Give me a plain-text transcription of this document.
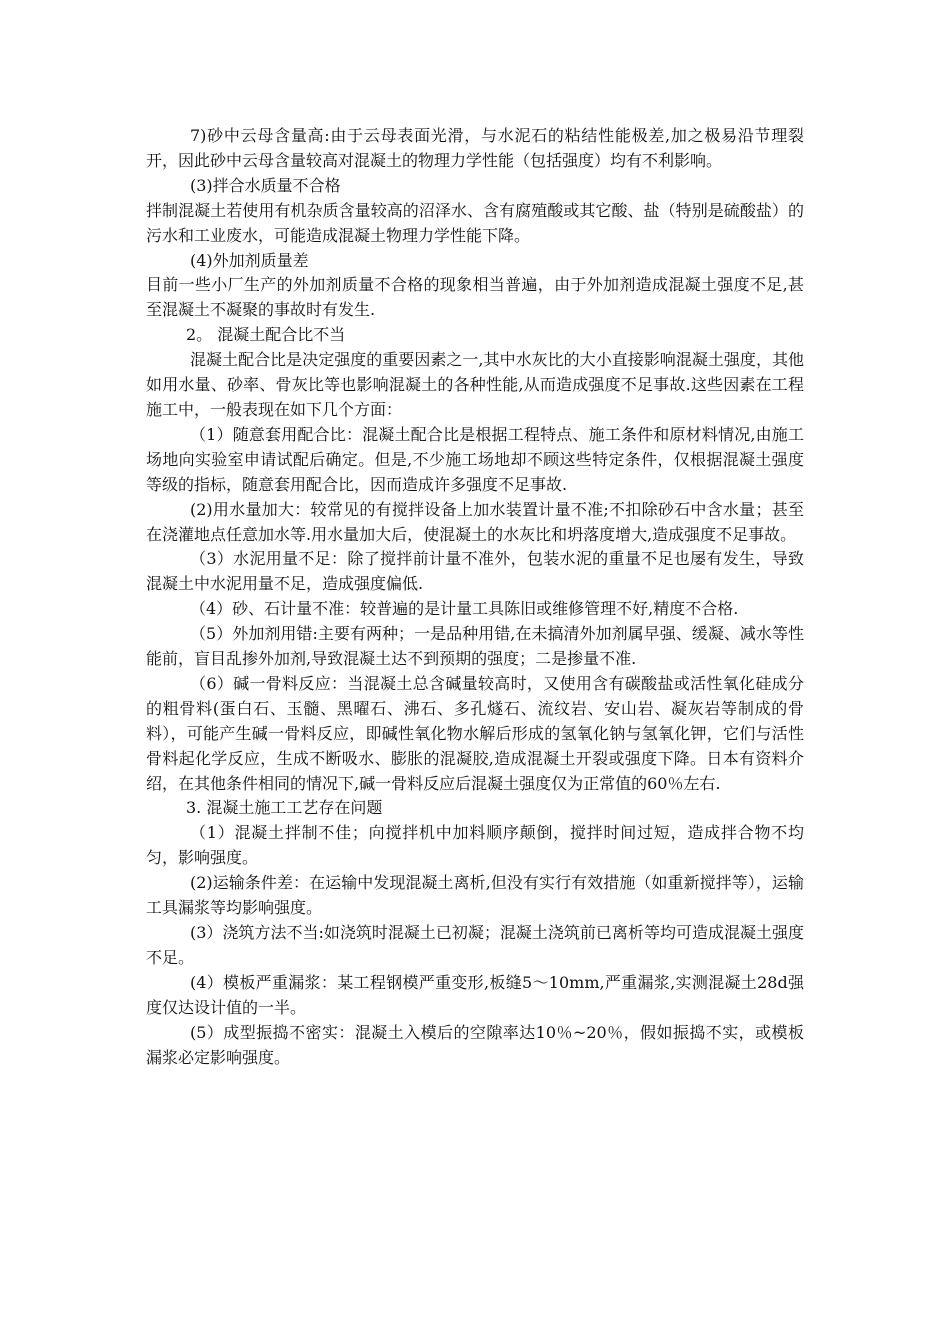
7)砂中云母含量高:由于云母表面光滑，与水泥石的粘结性能极差,加之极易沿节理裂开，因此砂中云母含量较高对混凝土的物理力学性能（包括强度）均有不利影响。

(3)拌合水质量不合格

拌制混凝土若使用有机杂质含量较高的沼泽水、含有腐殖酸或其它酸、盐（特别是硫酸盐）的污水和工业废水，可能造成混凝土物理力学性能下降。

(4)外加剂质量差

目前一些小厂生产的外加剂质量不合格的现象相当普遍，由于外加剂造成混凝土强度不足,甚至混凝土不凝聚的事故时有发生.

2。 混凝土配合比不当

混凝土配合比是决定强度的重要因素之一,其中水灰比的大小直接影响混凝土强度，其他如用水量、砂率、骨灰比等也影响混凝土的各种性能,从而造成强度不足事故.这些因素在工程施工中，一般表现在如下几个方面：

（1）随意套用配合比：混凝土配合比是根据工程特点、施工条件和原材料情况,由施工场地向实验室申请试配后确定。但是,不少施工场地却不顾这些特定条件，仅根据混凝土强度等级的指标，随意套用配合比，因而造成许多强度不足事故.

(2)用水量加大：较常见的有搅拌设备上加水装置计量不准;不扣除砂石中含水量；甚至在浇灌地点任意加水等.用水量加大后，使混凝土的水灰比和坍落度增大,造成强度不足事故。

（3）水泥用量不足：除了搅拌前计量不准外，包装水泥的重量不足也屡有发生，导致混凝土中水泥用量不足，造成强度偏低.

（4）砂、石计量不准：较普遍的是计量工具陈旧或维修管理不好,精度不合格.

（5）外加剂用错:主要有两种；一是品种用错,在未搞清外加剂属早强、缓凝、减水等性能前，盲目乱掺外加剂,导致混凝土达不到预期的强度；二是掺量不准.

（6）碱一骨料反应：当混凝土总含碱量较高时，又使用含有碳酸盐或活性氧化硅成分的粗骨料(蛋白石、玉髓、黑曜石、沸石、多孔燧石、流纹岩、安山岩、凝灰岩等制成的骨料），可能产生碱一骨料反应，即碱性氧化物水解后形成的氢氧化钠与氢氧化钾，它们与活性骨料起化学反应，生成不断吸水、膨胀的混凝胶,造成混凝土开裂或强度下降。日本有资料介绍，在其他条件相同的情况下,碱一骨料反应后混凝土强度仅为正常值的60％左右.

3. 混凝土施工工艺存在问题

（1）混凝土拌制不佳；向搅拌机中加料顺序颠倒，搅拌时间过短，造成拌合物不均匀，影响强度。

(2)运输条件差：在运输中发现混凝土离析,但没有实行有效措施（如重新搅拌等），运输工具漏浆等均影响强度。

(3）浇筑方法不当:如浇筑时混凝土已初凝；混凝土浇筑前已离析等均可造成混凝土强度不足。

(4）模板严重漏浆：某工程钢模严重变形,板缝5～10mm,严重漏浆,实测混凝土28d强度仅达设计值的一半。

(5）成型振捣不密实：混凝土入模后的空隙率达10％~20％，假如振捣不实，或模板漏浆必定影响强度。
